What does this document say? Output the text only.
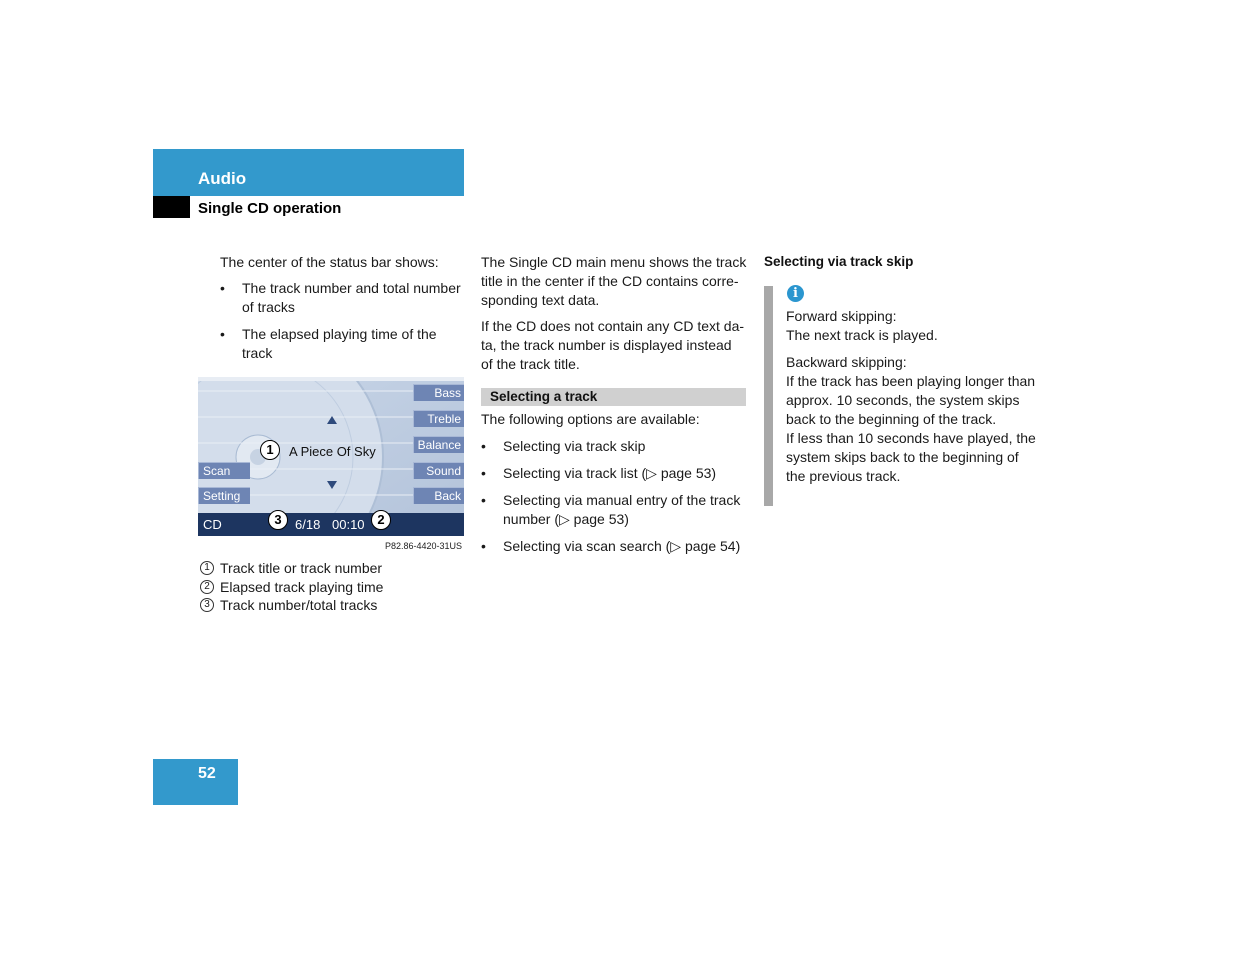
Audio
Single CD operation
The center of the status bar shows:
• The track number and total number of tracks
• The elapsed playing time of the track
Bass
Treble
Balance
Sound
Back
Scan
Setting
A Piece Of Sky
CD	6/18 00:10
1
2
3
P82.86-4420-31US
1 Track title or track number
2 Elapsed track playing time
3 Track number/total tracks
The Single CD main menu shows the track title in the center if the CD contains corre-sponding text data.
If the CD does not contain any CD text da-ta, the track number is displayed instead of the track title.
Selecting a track
The following options are available:
• Selecting via track skip
• Selecting via track list (▷ page 53)
• Selecting via manual entry of the track number (▷ page 53)
• Selecting via scan search (▷ page 54)
Selecting via track skip
i
Forward skipping:
The next track is played.
Backward skipping:
If the track has been playing longer than approx. 10 seconds, the system skips back to the beginning of the track.
If less than 10 seconds have played, the system skips back to the beginning of the previous track.
52
